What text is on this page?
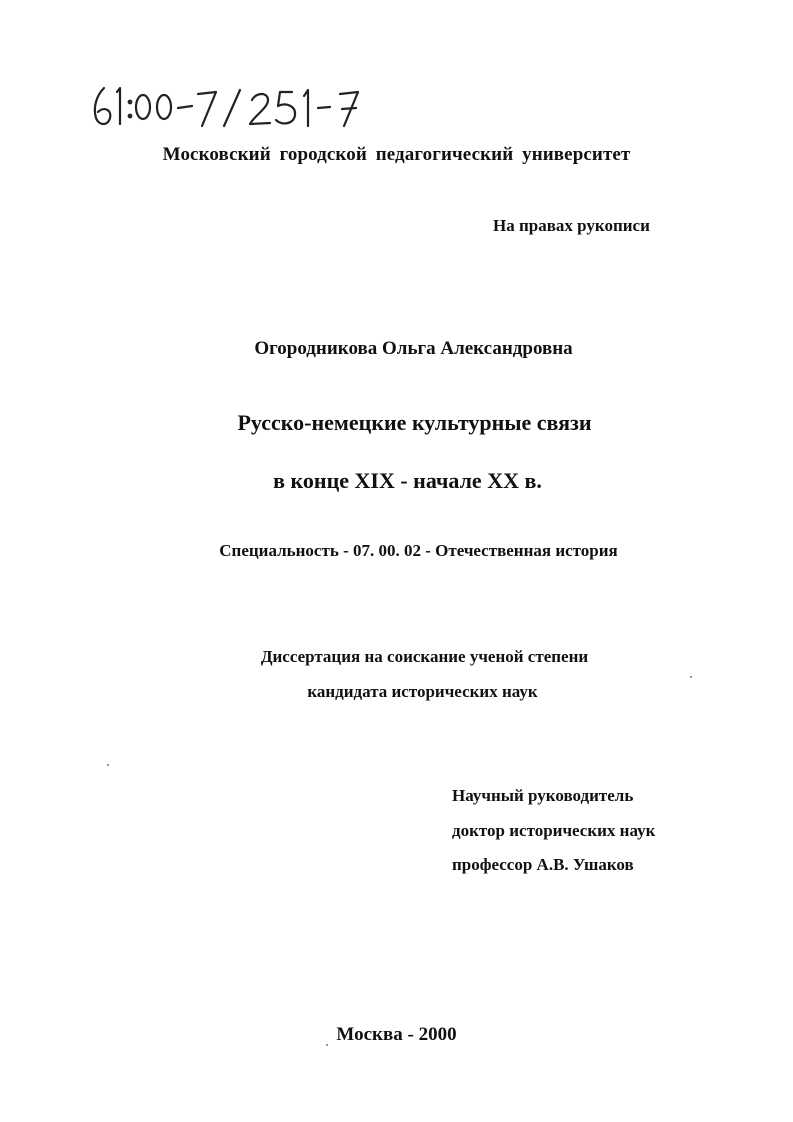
Московский городской педагогический университет

На правах рукописи

Огородникова Ольга Александровна

Русско-немецкие культурные связи

в конце XIX - начале XX в.

Специальность - 07. 00. 02 - Отечественная история

Диссертация на соискание ученой степени

кандидата исторических наук

Научный руководитель

доктор исторических наук

профессор А.В. Ушаков

Москва - 2000
